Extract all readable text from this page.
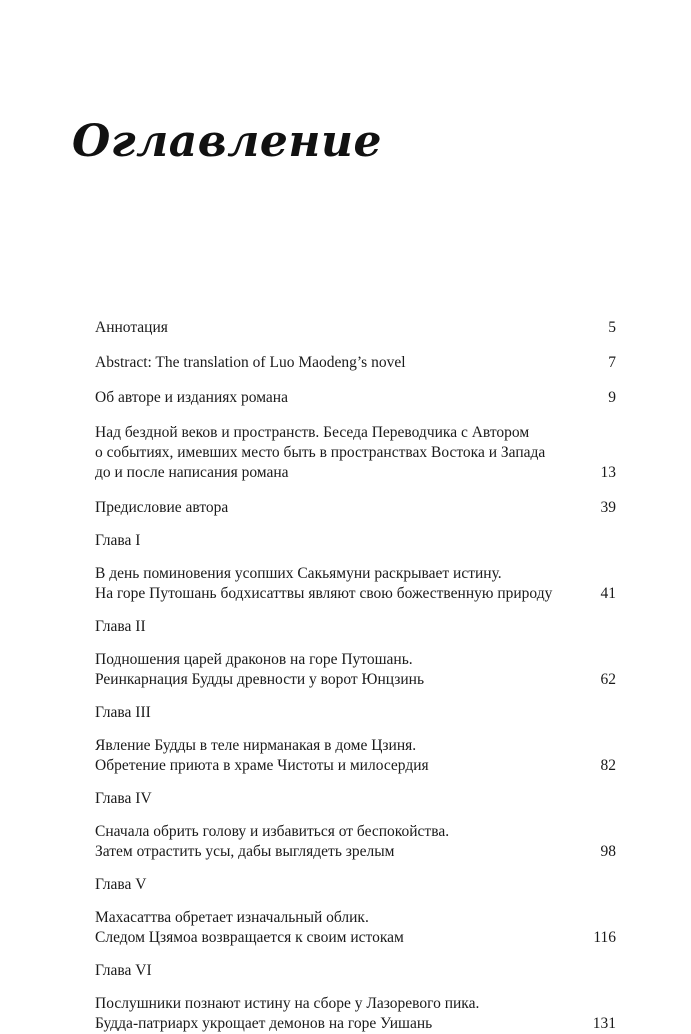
Оглавление
Аннотация	5
Abstract: The translation of Luo Maodeng’s novel	7
Об авторе и изданиях романа	9
Над бездной веков и пространств. Беседа Переводчика с Автором
о событиях, имевших место быть в пространствах Востока и Запада
до и после написания романа	13
Предисловие автора	39
Глава I
В день поминовения усопших Сакьямуни раскрывает истину.
На горе Путошань бодхисаттвы являют свою божественную природу	41
Глава II
Подношения царей драконов на горе Путошань.
Реинкарнация Будды древности у ворот Юнцзинь	62
Глава III
Явление Будды в теле нирманакая в доме Цзиня.
Обретение приюта в храме Чистоты и милосердия	82
Глава IV
Сначала обрить голову и избавиться от беспокойства.
Затем отрастить усы, дабы выглядеть зрелым	98
Глава V
Махасаттва обретает изначальный облик.
Следом Цзямоа возвращается к своим истокам	116
Глава VI
Послушники познают истину на сборе у Лазоревого пика.
Будда-патриарх укрощает демонов на горе Уишань	131
